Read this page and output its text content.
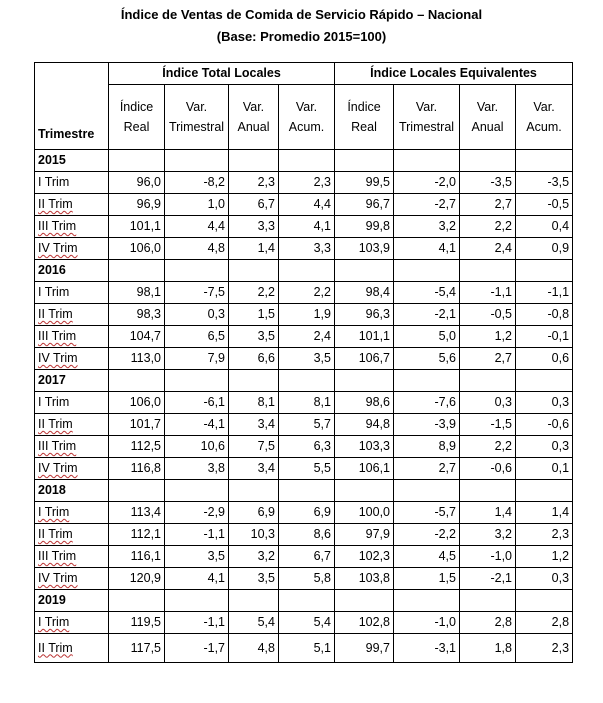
Índice de Ventas de Comida de Servicio Rápido – Nacional
(Base: Promedio 2015=100)
Trimestre	Índice Total Locales				Índice Locales Equivalentes			
	Índice Real	Var. Trimestral	Var. Anual	Var. Acum.	Índice Real	Var. Trimestral	Var. Anual	Var. Acum.
2015								
I Trim	96,0	-8,2	2,3	2,3	99,5	-2,0	-3,5	-3,5
II Trim	96,9	1,0	6,7	4,4	96,7	-2,7	2,7	-0,5
III Trim	101,1	4,4	3,3	4,1	99,8	3,2	2,2	0,4
IV Trim	106,0	4,8	1,4	3,3	103,9	4,1	2,4	0,9
2016								
I Trim	98,1	-7,5	2,2	2,2	98,4	-5,4	-1,1	-1,1
II Trim	98,3	0,3	1,5	1,9	96,3	-2,1	-0,5	-0,8
III Trim	104,7	6,5	3,5	2,4	101,1	5,0	1,2	-0,1
IV Trim	113,0	7,9	6,6	3,5	106,7	5,6	2,7	0,6
2017								
I Trim	106,0	-6,1	8,1	8,1	98,6	-7,6	0,3	0,3
II Trim	101,7	-4,1	3,4	5,7	94,8	-3,9	-1,5	-0,6
III Trim	112,5	10,6	7,5	6,3	103,3	8,9	2,2	0,3
IV Trim	116,8	3,8	3,4	5,5	106,1	2,7	-0,6	0,1
2018								
I Trim	113,4	-2,9	6,9	6,9	100,0	-5,7	1,4	1,4
II Trim	112,1	-1,1	10,3	8,6	97,9	-2,2	3,2	2,3
III Trim	116,1	3,5	3,2	6,7	102,3	4,5	-1,0	1,2
IV Trim	120,9	4,1	3,5	5,8	103,8	1,5	-2,1	0,3
2019								
I Trim	119,5	-1,1	5,4	5,4	102,8	-1,0	2,8	2,8
II Trim	117,5	-1,7	4,8	5,1	99,7	-3,1	1,8	2,3
